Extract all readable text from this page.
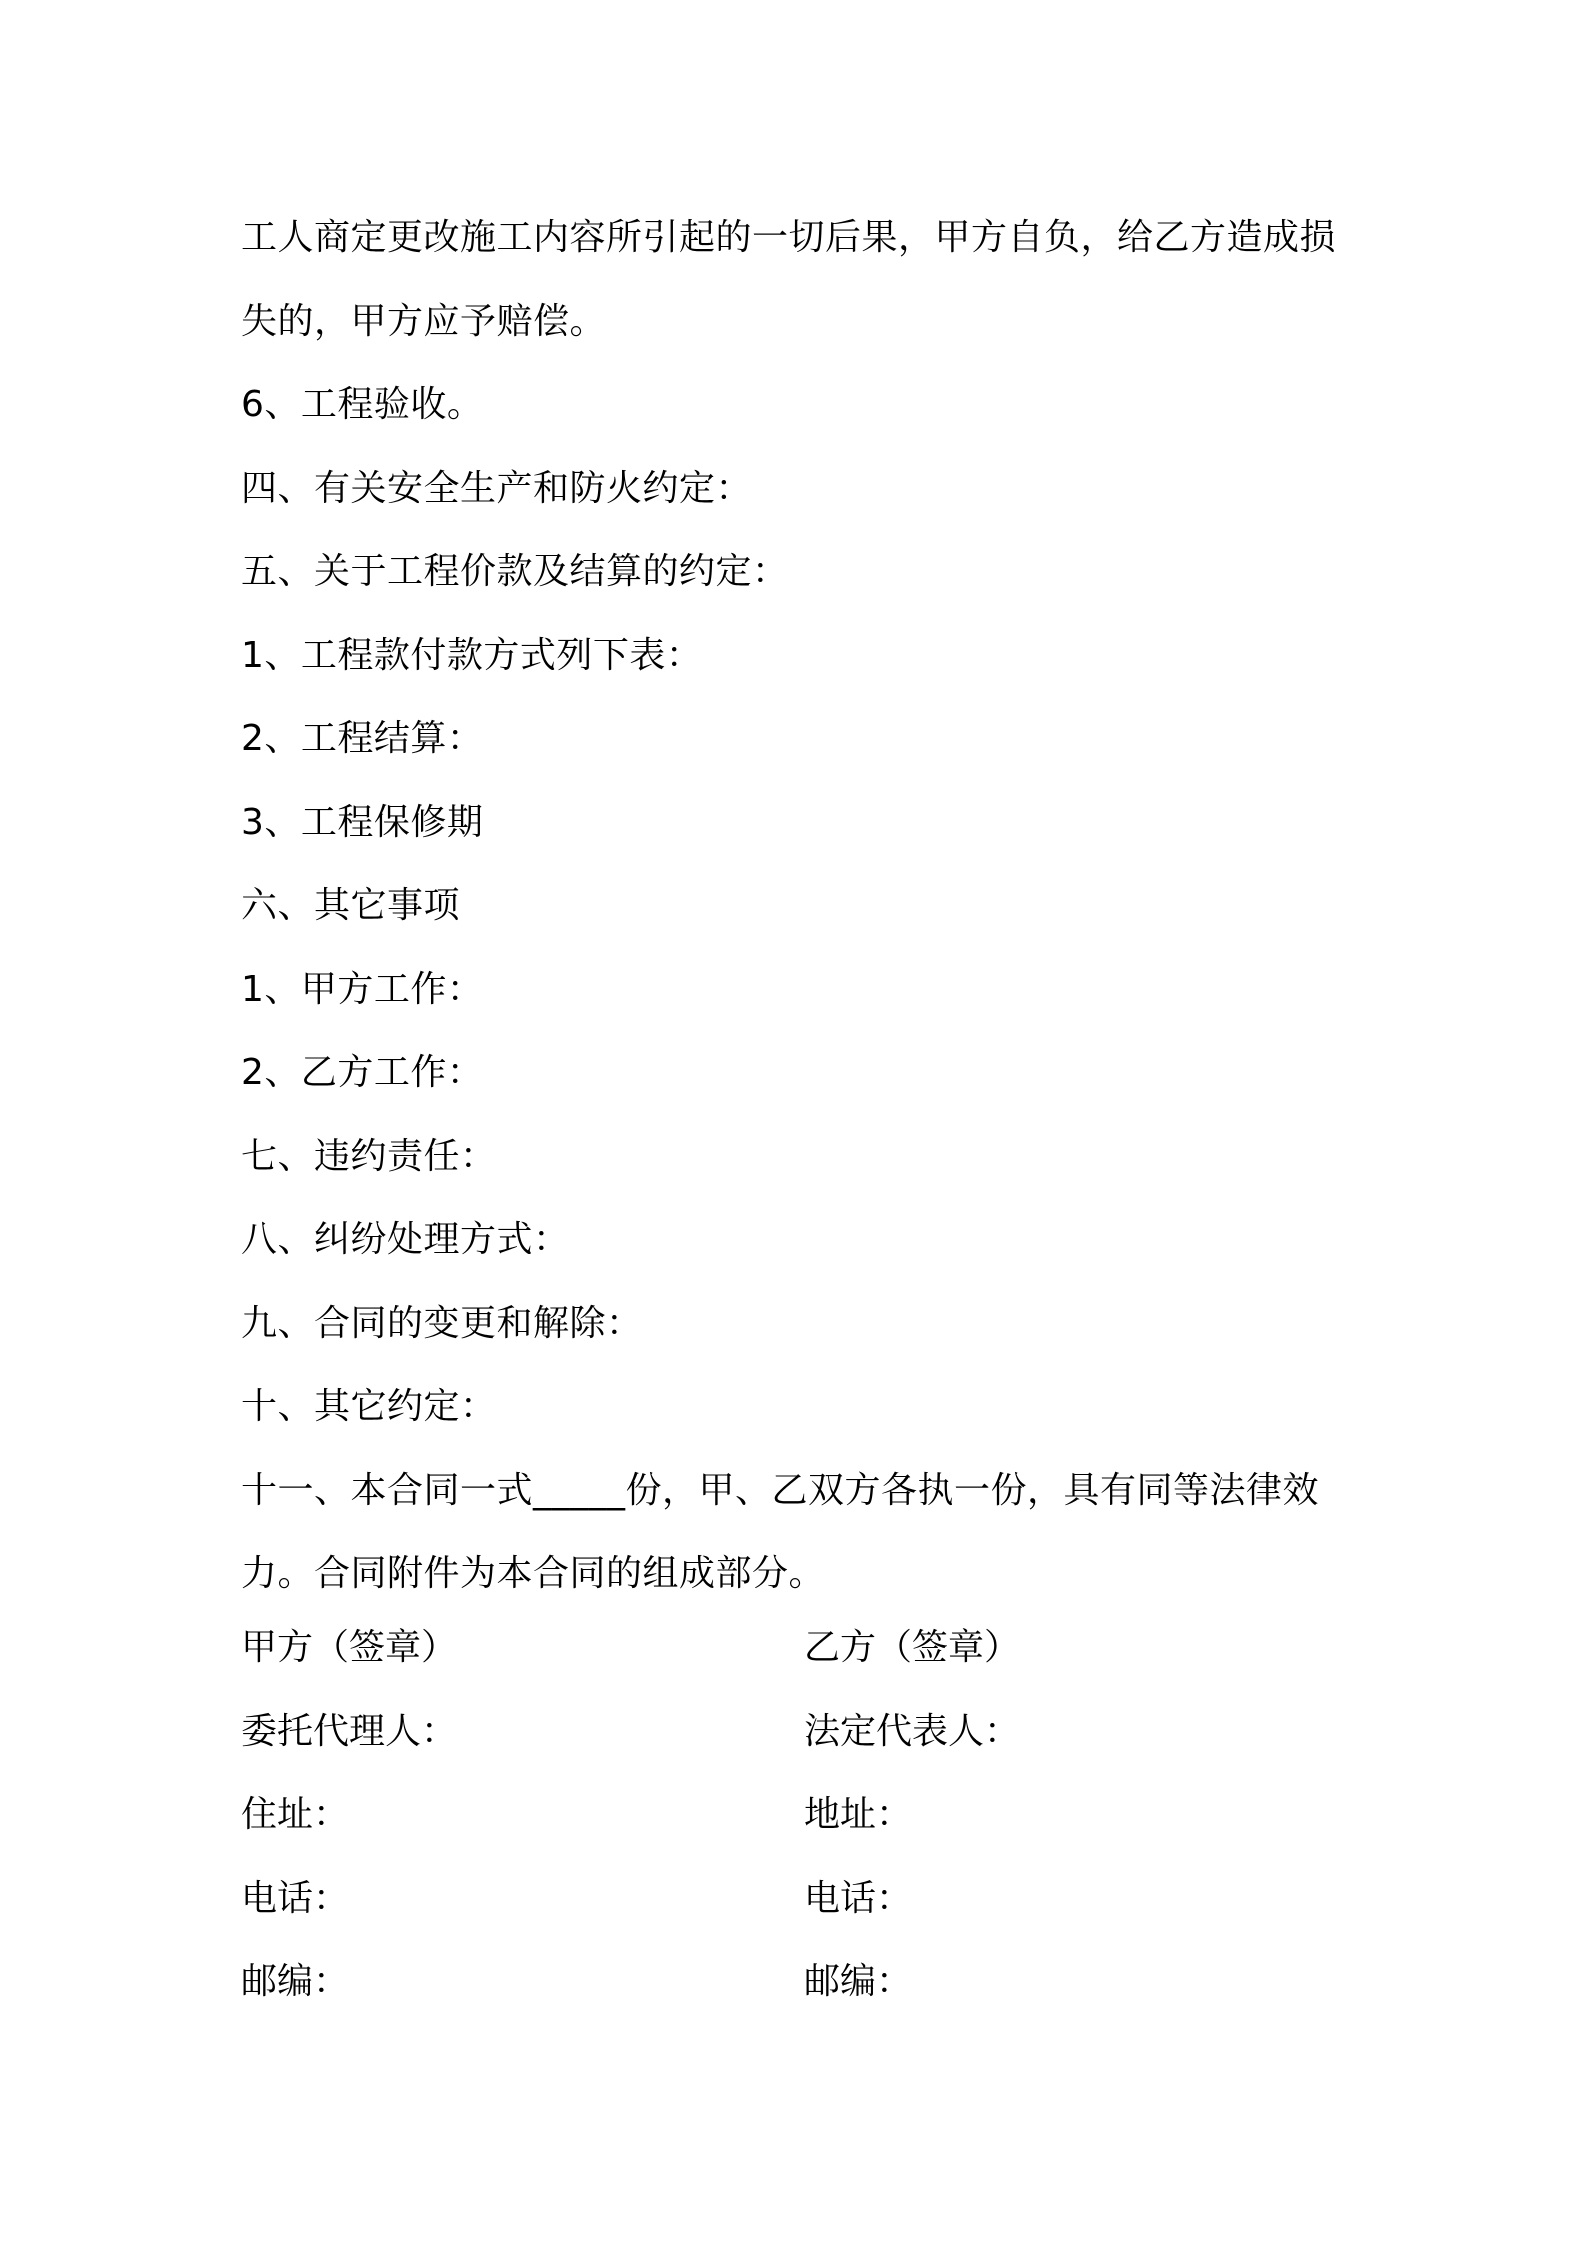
工人商定更改施工内容所引起的一切后果，甲方自负，给乙方造成损
失的，甲方应予赔偿。
6、工程验收。
四、有关安全生产和防火约定：
五、关于工程价款及结算的约定：
1、工程款付款方式列下表：
2、工程结算：
3、工程保修期
六、其它事项
1、甲方工作：
2、乙方工作：
七、违约责任：
八、纠纷处理方式：
九、合同的变更和解除：
十、其它约定：
十一、本合同一式_____份，甲、乙双方各执一份，具有同等法律效
力。合同附件为本合同的组成部分。
甲方（签章）	乙方（签章）
委托代理人：	法定代表人：
住址：	地址：
电话：	电话：
邮编：	邮编：
